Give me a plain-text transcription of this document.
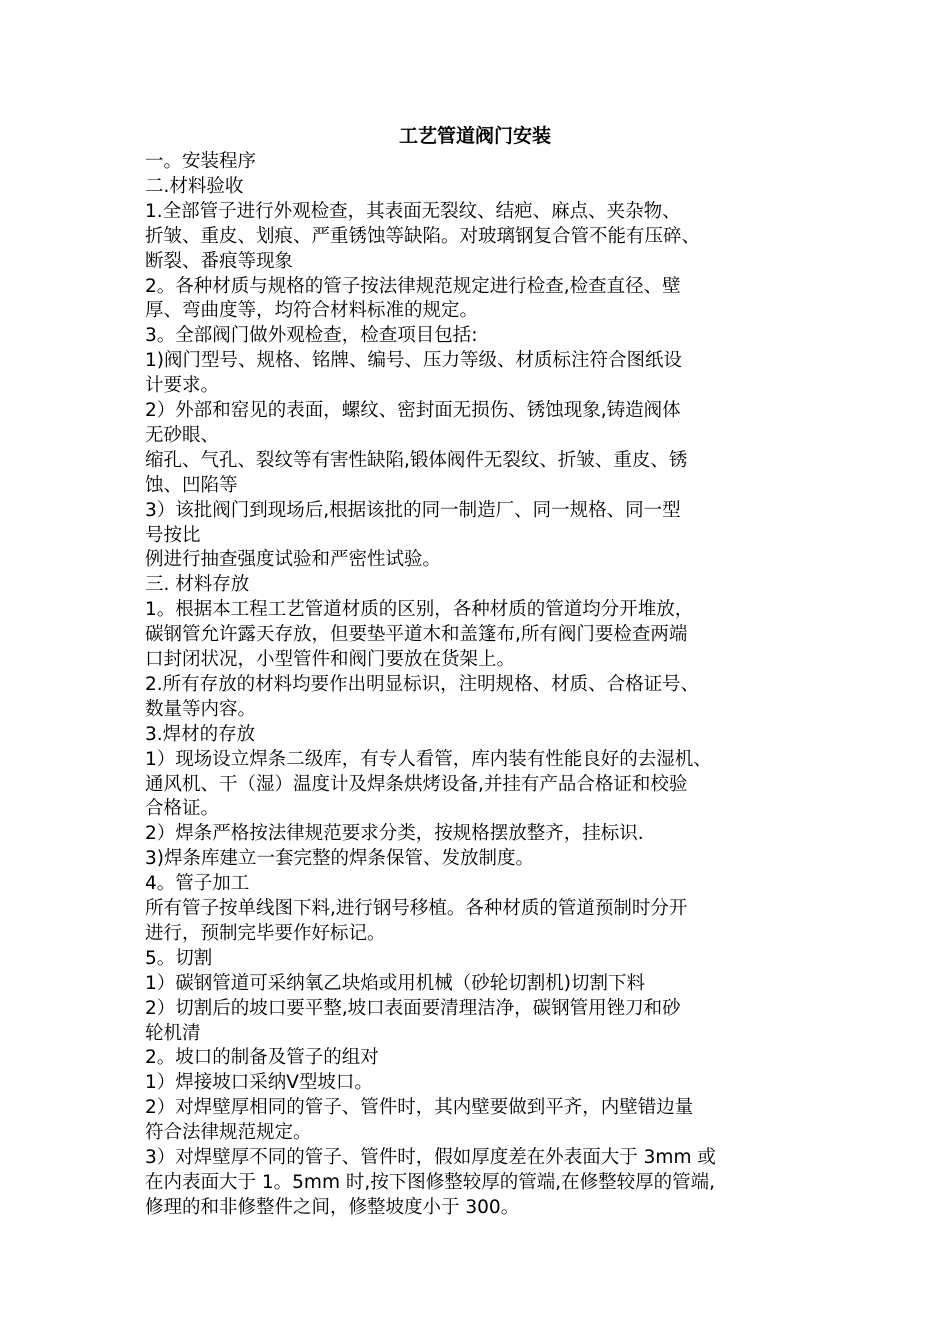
工艺管道阀门安装
一。安装程序
二.材料验收
1.全部管子进行外观检查，其表面无裂纹、结疤、麻点、夹杂物、
折皱、重皮、划痕、严重锈蚀等缺陷。对玻璃钢复合管不能有压碎、
断裂、番痕等现象
2。各种材质与规格的管子按法律规范规定进行检查,检查直径、壁
厚、弯曲度等，均符合材料标准的规定。
3。全部阀门做外观检查，检查项目包括:
1)阀门型号、规格、铭牌、编号、压力等级、材质标注符合图纸设
计要求。
2）外部和窑见的表面，螺纹、密封面无损伤、锈蚀现象,铸造阀体
无砂眼、
缩孔、气孔、裂纹等有害性缺陷,锻体阀件无裂纹、折皱、重皮、锈
蚀、凹陷等
3）该批阀门到现场后,根据该批的同一制造厂、同一规格、同一型
号按比
例进行抽查强度试验和严密性试验。
三. 材料存放
1。根据本工程工艺管道材质的区别，各种材质的管道均分开堆放，
碳钢管允许露天存放，但要垫平道木和盖篷布,所有阀门要检查两端
口封闭状况，小型管件和阀门要放在货架上。
2.所有存放的材料均要作出明显标识，注明规格、材质、合格证号、
数量等内容。
3.焊材的存放
1）现场设立焊条二级库，有专人看管，库内装有性能良好的去湿机、
通风机、干（湿）温度计及焊条烘烤设备,并挂有产品合格证和校验
合格证。
2）焊条严格按法律规范要求分类，按规格摆放整齐，挂标识.
3)焊条库建立一套完整的焊条保管、发放制度。
4。管子加工
所有管子按单线图下料,进行钢号移植。各种材质的管道预制时分开
进行，预制完毕要作好标记。
5。切割
1）碳钢管道可采纳氧乙块焰或用机械（砂轮切割机)切割下料
2）切割后的坡口要平整,坡口表面要清理洁净，碳钢管用锉刀和砂
轮机清
2。坡口的制备及管子的组对
1）焊接坡口采纳V型坡口。
2）对焊壁厚相同的管子、管件时，其内壁要做到平齐，内壁错边量
符合法律规范规定。
3）对焊壁厚不同的管子、管件时，假如厚度差在外表面大于 3mm 或
在内表面大于 1。5mm 时,按下图修整较厚的管端,在修整较厚的管端,
修理的和非修整件之间，修整坡度小于 300。
